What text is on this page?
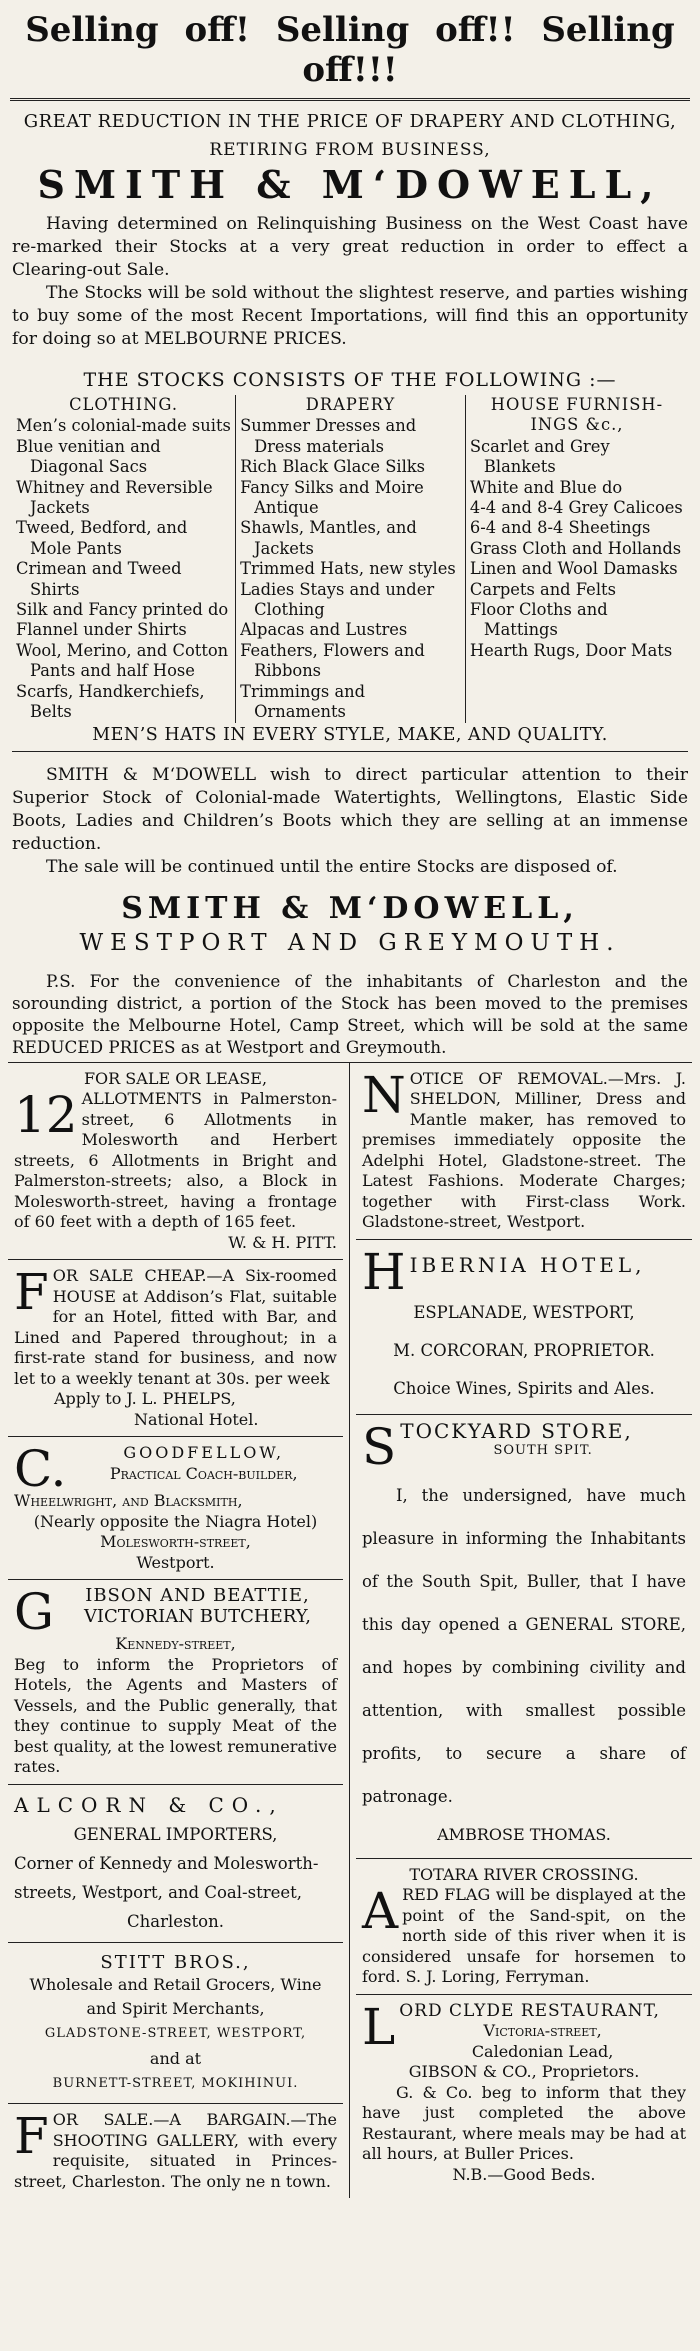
Selling off! Selling off!! Selling off!!!
GREAT REDUCTION IN THE PRICE OF DRAPERY AND CLOTHING,
RETIRING FROM BUSINESS,
SMITH & M‘DOWELL,

Having determined on Relinquishing Business on the West Coast have re-marked their Stocks at a very great reduction in order to effect a Clearing-out Sale.

The Stocks will be sold without the slightest reserve, and parties wishing to buy some of the most Recent Importations, will find this an opportunity for doing so at MELBOURNE PRICES.

THE STOCKS CONSISTS OF THE FOLLOWING :—
CLOTHING.
Men’s colonial-made suits
Blue venitian and Diagonal Sacs
Whitney and Reversible Jackets
Tweed, Bedford, and Mole Pants
Crimean and Tweed Shirts
Silk and Fancy printed do
Flannel under Shirts
Wool, Merino, and Cotton Pants and half Hose
Scarfs, Handkerchiefs, Belts
DRAPERY
Summer Dresses and Dress materials
Rich Black Glace Silks
Fancy Silks and Moire Antique
Shawls, Mantles, and Jackets
Trimmed Hats, new styles
Ladies Stays and under Clothing
Alpacas and Lustres
Feathers, Flowers and Ribbons
Trimmings and Ornaments
HOUSE FURNISH-INGS &c.,
Scarlet and Grey Blankets
White and Blue do
4-4 and 8-4 Grey Calicoes
6-4 and 8-4 Sheetings
Grass Cloth and Hollands
Linen and Wool Damasks
Carpets and Felts
Floor Cloths and Mattings
Hearth Rugs, Door Mats
MEN’S HATS IN EVERY STYLE, MAKE, AND QUALITY.

SMITH & M‘DOWELL wish to direct particular attention to their Superior Stock of Colonial-made Watertights, Wellingtons, Elastic Side Boots, Ladies and Children’s Boots which they are selling at an immense reduction.

The sale will be continued until the entire Stocks are disposed of.

SMITH & M‘DOWELL,
WESTPORT AND GREYMOUTH.

P.S. For the convenience of the inhabitants of Charleston and the sorounding district, a portion of the Stock has been moved to the premises opposite the Melbourne Hotel, Camp Street, which will be sold at the same REDUCED PRICES as at Westport and Greymouth.

FOR SALE OR LEASE,
12 ALLOTMENTS in Palmerston-street, 6 Allotments in Molesworth and Herbert streets, 6 Allotments in Bright and Palmerston-streets; also, a Block in Molesworth-street, having a frontage of 60 feet with a depth of 165 feet.
W. & H. PITT.
F OR SALE CHEAP.—A Six-roomed HOUSE at Addison’s Flat, suitable for an Hotel, fitted with Bar, and Lined and Papered throughout; in a first-rate stand for business, and now let to a weekly tenant at 30s. per week
Apply to J. L. PHELPS,
National Hotel.
C.	GOODFELLOW,
Practical Coach-builder,
Wheelwright, and Blacksmith,
(Nearly opposite the Niagra Hotel)
Molesworth-street,
Westport.
G	IBSON AND BEATTIE,
VICTORIAN BUTCHERY,
Kennedy-street,
Beg to inform the Proprietors of Hotels, the Agents and Masters of Vessels, and the Public generally, that they continue to supply Meat of the best quality, at the lowest remunerative rates.
ALCORN & CO.,
GENERAL IMPORTERS,
Corner of Kennedy and Molesworth-
streets, Westport, and Coal-street,
Charleston.
STITT BROS.,
Wholesale and Retail Grocers, Wine
and Spirit Merchants,
GLADSTONE-STREET, WESTPORT,
and at
BURNETT-STREET, MOKIHINUI.
F OR SALE.—A BARGAIN.—The SHOOTING GALLERY, with every requisite, situated in Princes-street, Charleston. The only ne n town.
N OTICE OF REMOVAL.—Mrs. J. SHELDON, Milliner, Dress and Mantle maker, has removed to premises immediately opposite the Adelphi Hotel, Gladstone-street. The Latest Fashions. Moderate Charges; together with First-class Work. Gladstone-street, Westport.
H IBERNIA HOTEL,
ESPLANADE, WESTPORT,
M. CORCORAN, PROPRIETOR.
Choice Wines, Spirits and Ales.
S TOCKYARD STORE,
SOUTH SPIT.
I, the undersigned, have much pleasure in informing the Inhabitants of the South Spit, Buller, that I have this day opened a GENERAL STORE, and hopes by combining civility and attention, with smallest possible profits, to secure a share of patronage.
AMBROSE THOMAS.
TOTARA RIVER CROSSING.
A RED FLAG will be displayed at the point of the Sand-spit, on the north side of this river when it is considered unsafe for horsemen to ford. S. J. Loring, Ferryman.
L ORD CLYDE RESTAURANT,
Victoria-street,
Caledonian Lead,
GIBSON & CO., Proprietors.
G. & Co. beg to inform that they have just completed the above Restaurant, where meals may be had at all hours, at Buller Prices.
N.B.—Good Beds.
